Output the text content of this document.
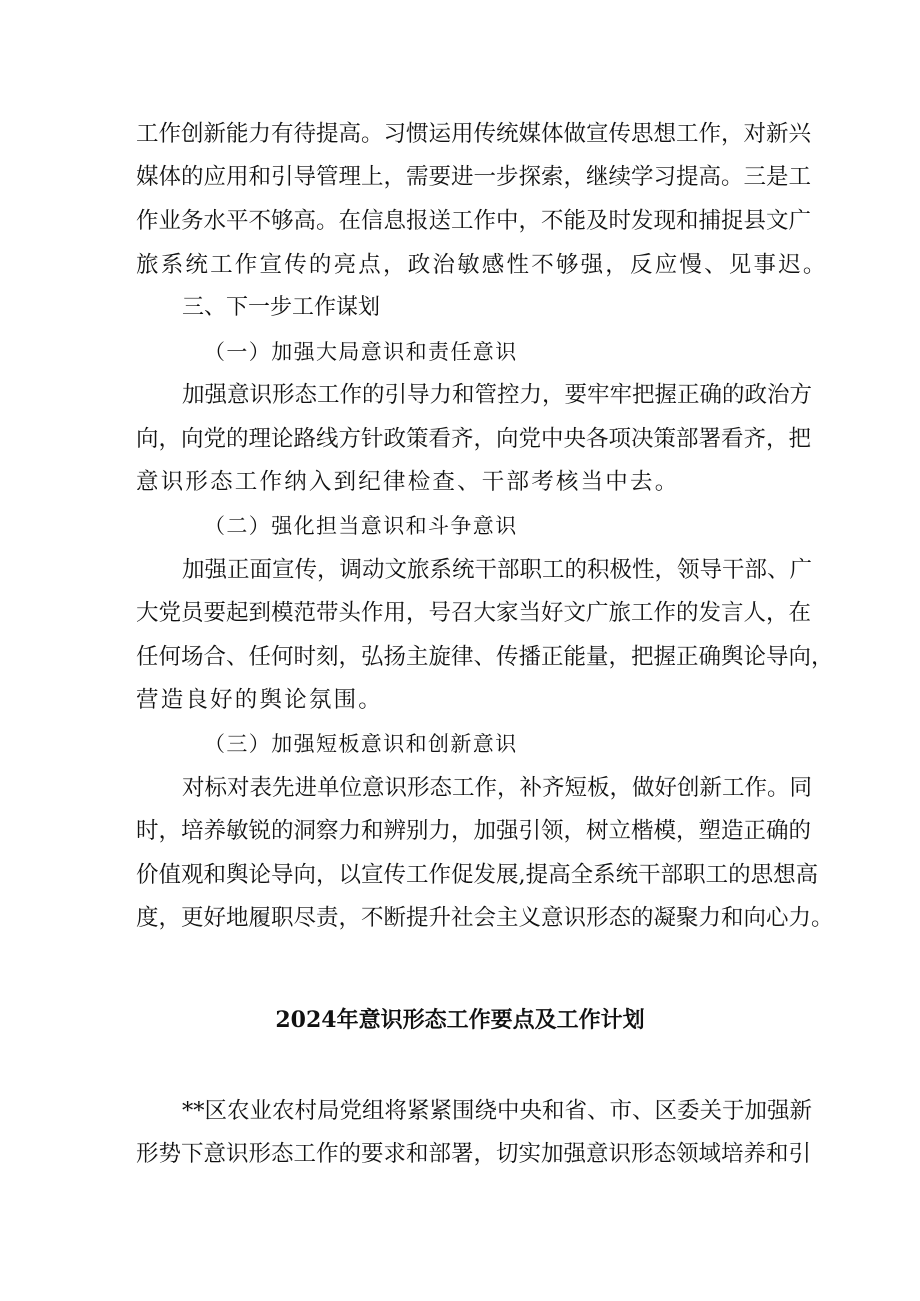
工作创新能力有待提高。习惯运用传统媒体做宣传思想工作，对新兴
媒体的应用和引导管理上，需要进一步探索，继续学习提高。三是工
作业务水平不够高。在信息报送工作中，不能及时发现和捕捉县文广
旅系统工作宣传的亮点，政治敏感性不够强，反应慢、见事迟。
三、下一步工作谋划
（一）加强大局意识和责任意识
加强意识形态工作的引导力和管控力，要牢牢把握正确的政治方
向，向党的理论路线方针政策看齐，向党中央各项决策部署看齐，把
意识形态工作纳入到纪律检查、干部考核当中去。
（二）强化担当意识和斗争意识
加强正面宣传，调动文旅系统干部职工的积极性，领导干部、广
大党员要起到模范带头作用，号召大家当好文广旅工作的发言人，在
任何场合、任何时刻，弘扬主旋律、传播正能量，把握正确舆论导向，
营造良好的舆论氛围。
（三）加强短板意识和创新意识
对标对表先进单位意识形态工作，补齐短板，做好创新工作。同
时，培养敏锐的洞察力和辨别力，加强引领，树立楷模，塑造正确的
价值观和舆论导向，以宣传工作促发展,提高全系统干部职工的思想高
度，更好地履职尽责，不断提升社会主义意识形态的凝聚力和向心力。
2024年意识形态工作要点及工作计划
**区农业农村局党组将紧紧围绕中央和省、市、区委关于加强新
形势下意识形态工作的要求和部署，切实加强意识形态领域培养和引
